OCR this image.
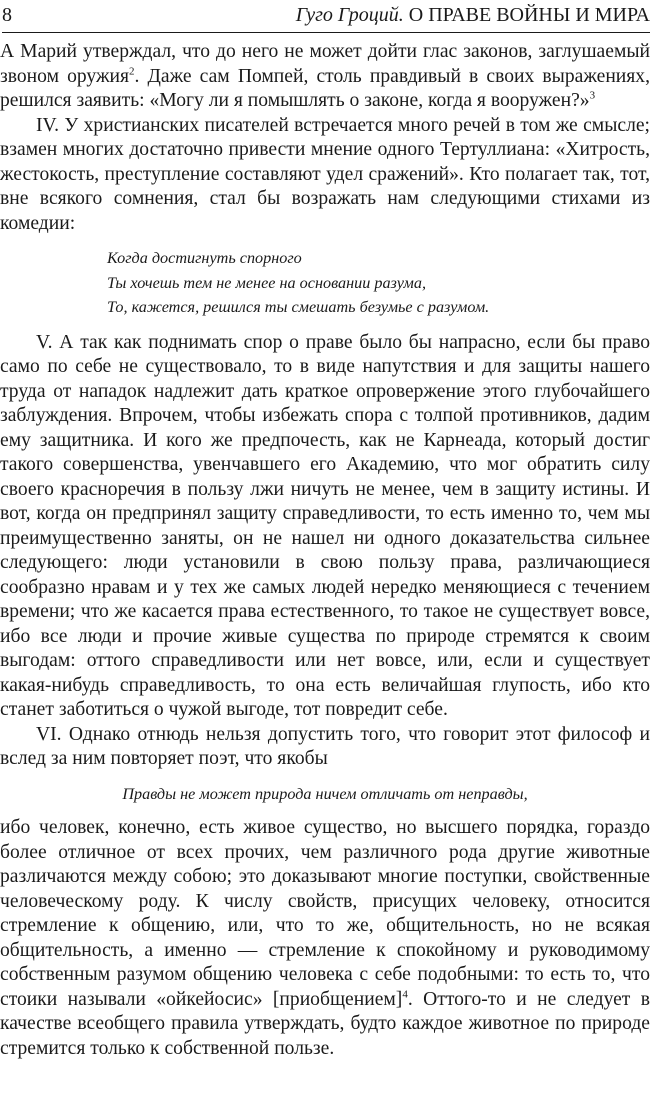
8	Гуго Гроций. О ПРАВЕ ВОЙНЫ И МИРА

А Марий утверждал, что до него не может дойти глас законов, заглушаемый звоном оружия$^2$. Даже сам Помпей, столь правдивый в своих выражениях, решился заявить: «Могу ли я помышлять о законе, когда я вооружен?»$^3$

IV. У христианских писателей встречается много речей в том же смысле; взамен многих достаточно привести мнение одного Тертуллиана: «Хитрость, жестокость, преступление составляют удел сражений». Кто полагает так, тот, вне всякого сомнения, стал бы возражать нам следующими стихами из комедии:

Когда достигнуть спорного
Ты хочешь тем не менее на основании разума,
То, кажется, решился ты смешать безумье с разумом.

V. А так как поднимать спор о праве было бы напрасно, если бы право само по себе не существовало, то в виде напутствия и для защиты нашего труда от нападок надлежит дать краткое опровержение этого глубочайшего заблуждения. Впрочем, чтобы избежать спора с толпой противников, дадим ему защитника. И кого же предпочесть, как не Карнеада, который достиг такого совершенства, увенчавшего его Академию, что мог обратить силу своего красноречия в пользу лжи ничуть не менее, чем в защиту истины. И вот, когда он предпринял защиту справедливости, то есть именно то, чем мы преимущественно заняты, он не нашел ни одного доказательства сильнее следующего: люди установили в свою пользу права, различающиеся сообразно нравам и у тех же самых людей нередко меняющиеся с течением времени; что же касается права естественного, то такое не существует вовсе, ибо все люди и прочие живые существа по природе стремятся к своим выгодам: оттого справедливости или нет вовсе, или, если и существует какая-нибудь справедливость, то она есть величайшая глупость, ибо кто станет заботиться о чужой выгоде, тот повредит себе.

VI. Однако отнюдь нельзя допустить того, что говорит этот философ и вслед за ним повторяет поэт, что якобы

Правды не может природа ничем отличать от неправды,

ибо человек, конечно, есть живое существо, но высшего порядка, гораздо более отличное от всех прочих, чем различного рода другие животные различаются между собою; это доказывают многие поступки, свойственные человеческому роду. К числу свойств, присущих человеку, относится стремление к общению, или, что то же, общительность, но не всякая общительность, а именно — стремление к спокойному и руководимому собственным разумом общению человека с себе подобными: то есть то, что стоики называли «ойкейосис» [приобщением]$^4$. Оттого-то и не следует в качестве всеобщего правила утверждать, будто каждое животное по природе стремится только к собственной пользе.
